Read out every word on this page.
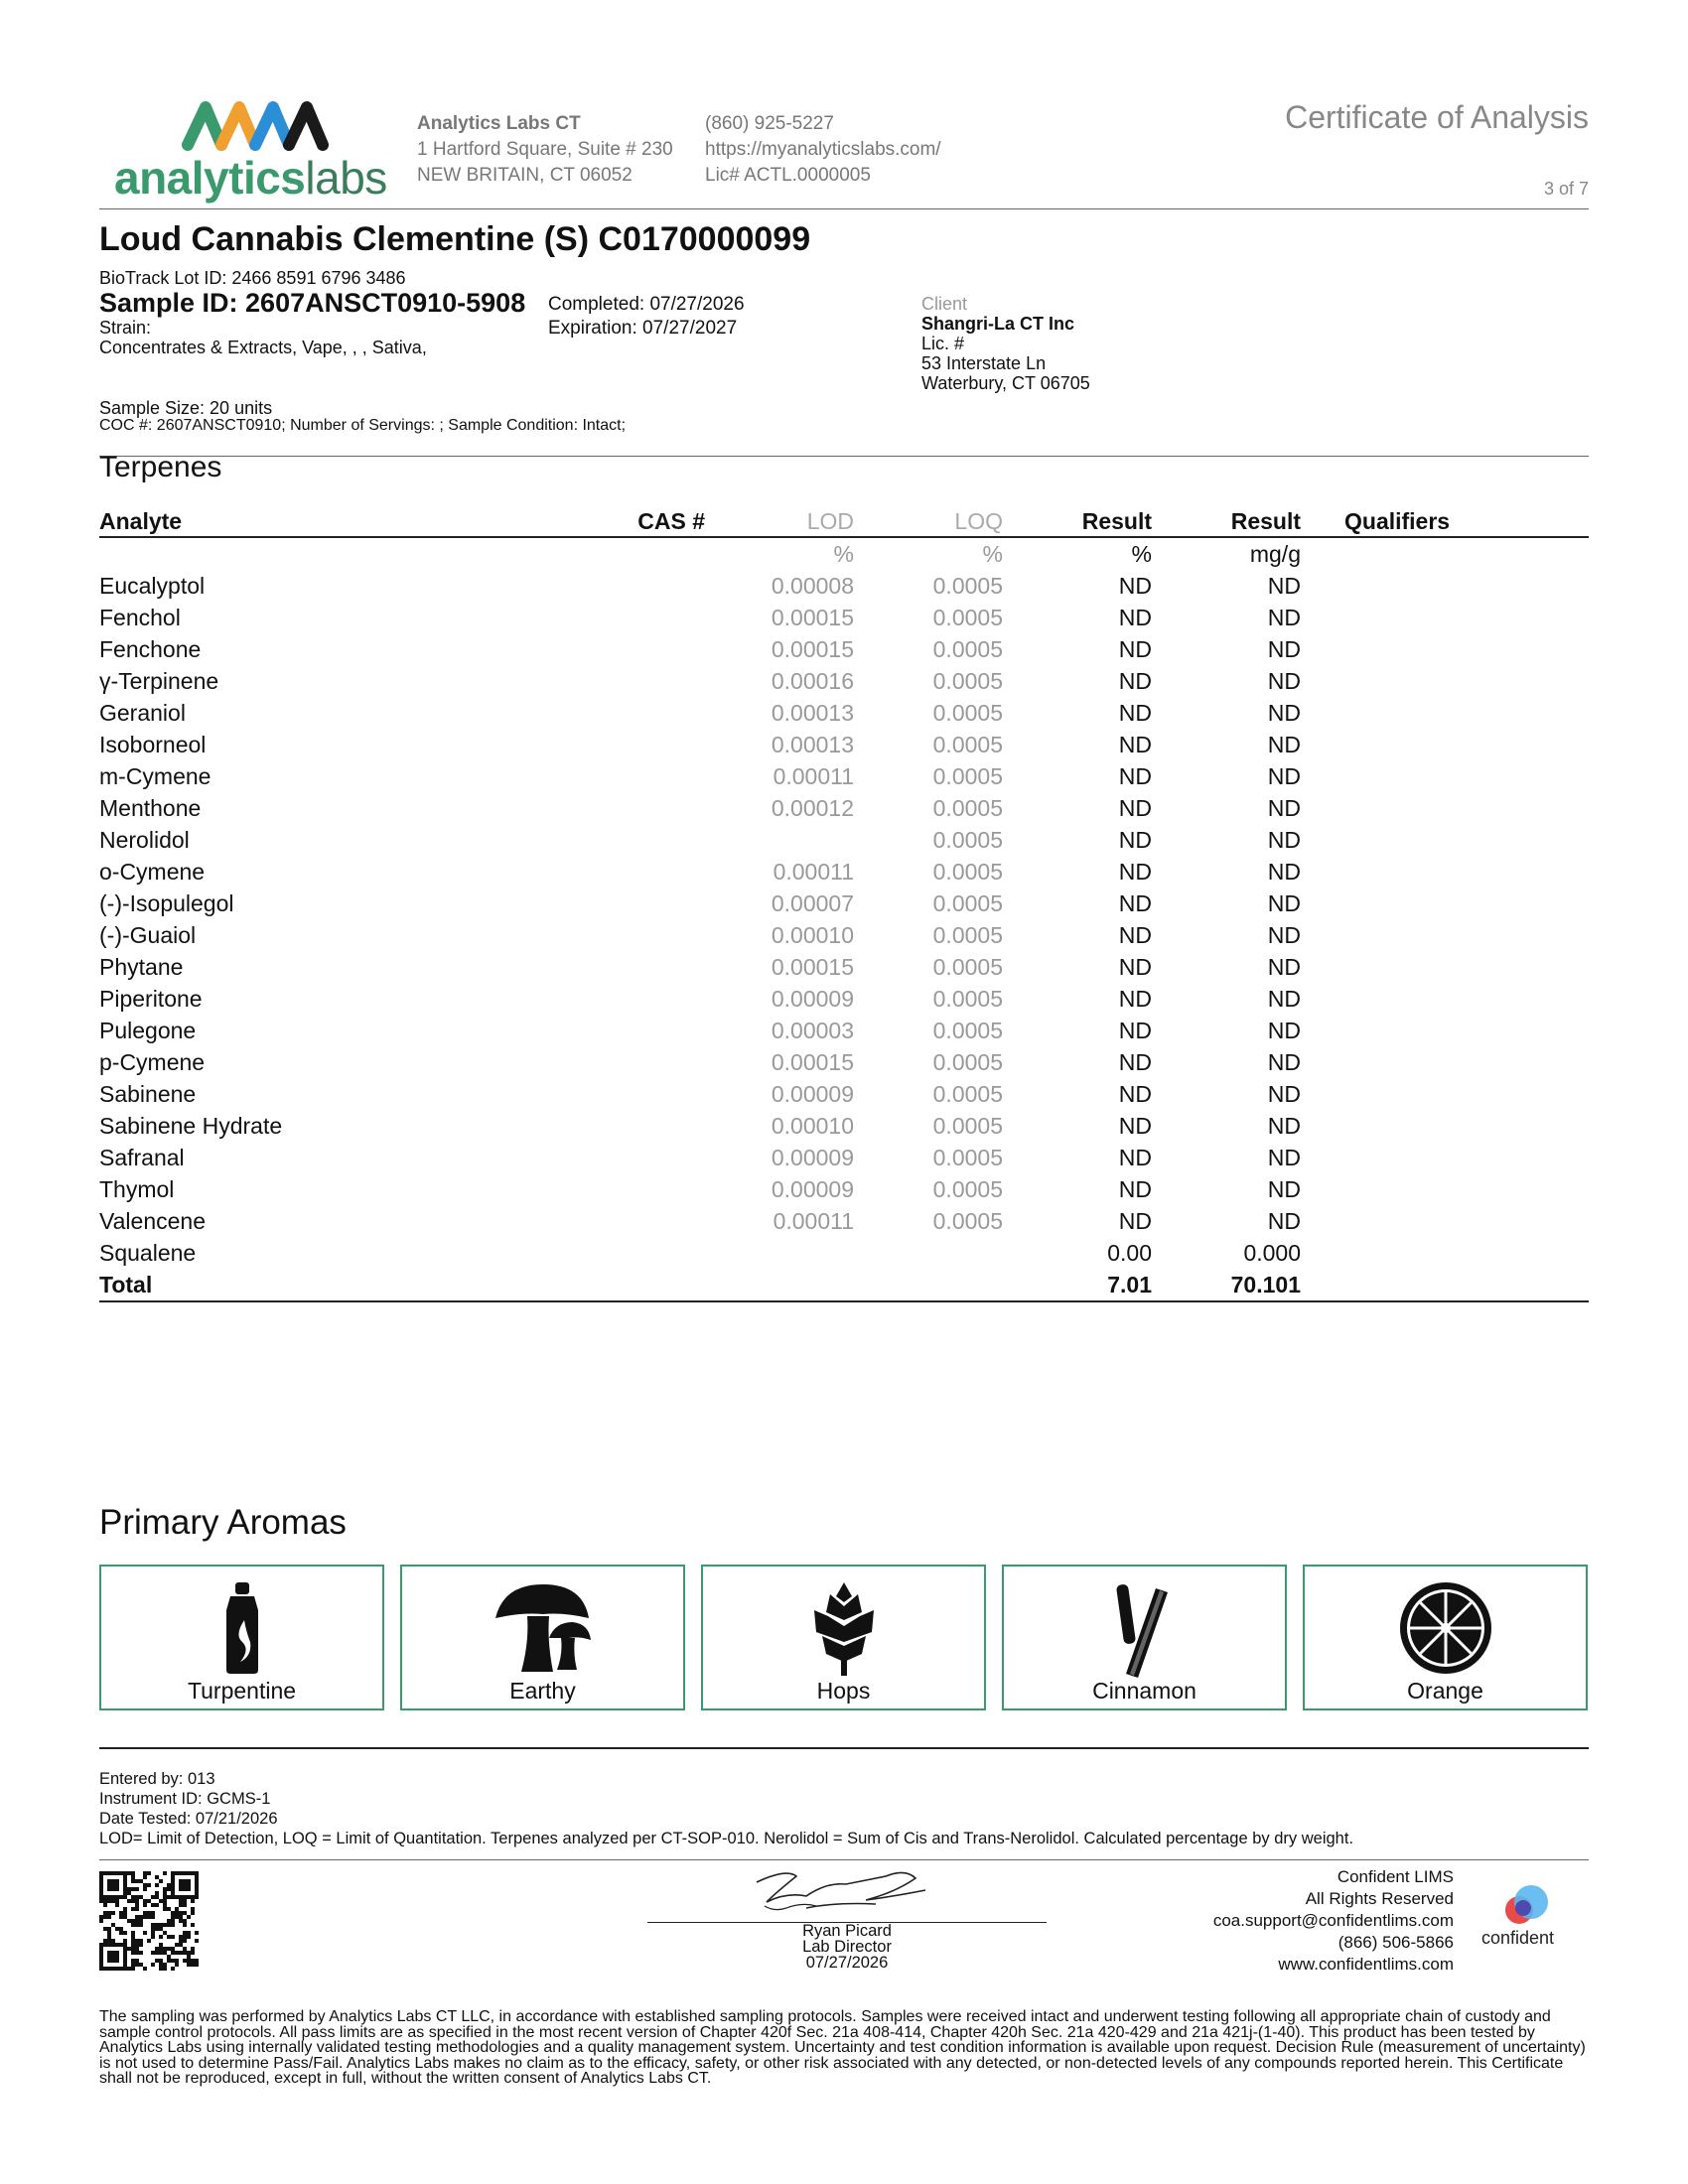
analyticslabs
Analytics Labs CT
1 Hartford Square, Suite # 230
NEW BRITAIN, CT 06052
(860) 925-5227
https://myanalyticslabs.com/
Lic# ACTL.0000005
Certificate of Analysis
3 of 7
Loud Cannabis Clementine (S) C0170000099
BioTrack Lot ID: 2466 8591 6796 3486
Sample ID: 2607ANSCT0910-5908
Strain:
Concentrates & Extracts, Vape, , , Sativa,
Completed: 07/27/2026
Expiration: 07/27/2027
Client
Shangri-La CT Inc
Lic. #
53 Interstate Ln
Waterbury, CT 06705
Sample Size: 20 units
COC #: 2607ANSCT0910; Number of Servings: ; Sample Condition: Intact;
Terpenes
Analyte	CAS #	LOD	LOQ	Result	Result	Qualifiers
		%	%	%	mg/g	
Eucalyptol		0.00008	0.0005	ND	ND	
Fenchol		0.00015	0.0005	ND	ND	
Fenchone		0.00015	0.0005	ND	ND	
γ-Terpinene		0.00016	0.0005	ND	ND	
Geraniol		0.00013	0.0005	ND	ND	
Isoborneol		0.00013	0.0005	ND	ND	
m-Cymene		0.00011	0.0005	ND	ND	
Menthone		0.00012	0.0005	ND	ND	
Nerolidol			0.0005	ND	ND	
o-Cymene		0.00011	0.0005	ND	ND	
(-)-Isopulegol		0.00007	0.0005	ND	ND	
(-)-Guaiol		0.00010	0.0005	ND	ND	
Phytane		0.00015	0.0005	ND	ND	
Piperitone		0.00009	0.0005	ND	ND	
Pulegone		0.00003	0.0005	ND	ND	
p-Cymene		0.00015	0.0005	ND	ND	
Sabinene		0.00009	0.0005	ND	ND	
Sabinene Hydrate		0.00010	0.0005	ND	ND	
Safranal		0.00009	0.0005	ND	ND	
Thymol		0.00009	0.0005	ND	ND	
Valencene		0.00011	0.0005	ND	ND	
Squalene				0.00	0.000	
Total				7.01	70.101	
Primary Aromas
Turpentine	Earthy	Hops	Cinnamon	Orange
Entered by: 013
Instrument ID: GCMS-1
Date Tested: 07/21/2026
LOD= Limit of Detection, LOQ = Limit of Quantitation. Terpenes analyzed per CT-SOP-010. Nerolidol = Sum of Cis and Trans-Nerolidol. Calculated percentage by dry weight.
Ryan Picard
Lab Director
07/27/2026
Confident LIMS
All Rights Reserved
coa.support@confidentlims.com
(866) 506-5866
www.confidentlims.com
confident
The sampling was performed by Analytics Labs CT LLC, in accordance with established sampling protocols. Samples were received intact and underwent testing following all appropriate chain of custody and sample control protocols. All pass limits are as specified in the most recent version of Chapter 420f Sec. 21a 408-414, Chapter 420h Sec. 21a 420-429 and 21a 421j-(1-40). This product has been tested by Analytics Labs using internally validated testing methodologies and a quality management system. Uncertainty and test condition information is available upon request. Decision Rule (measurement of uncertainty) is not used to determine Pass/Fail. Analytics Labs makes no claim as to the efficacy, safety, or other risk associated with any detected, or non-detected levels of any compounds reported herein. This Certificate shall not be reproduced, except in full, without the written consent of Analytics Labs CT.
